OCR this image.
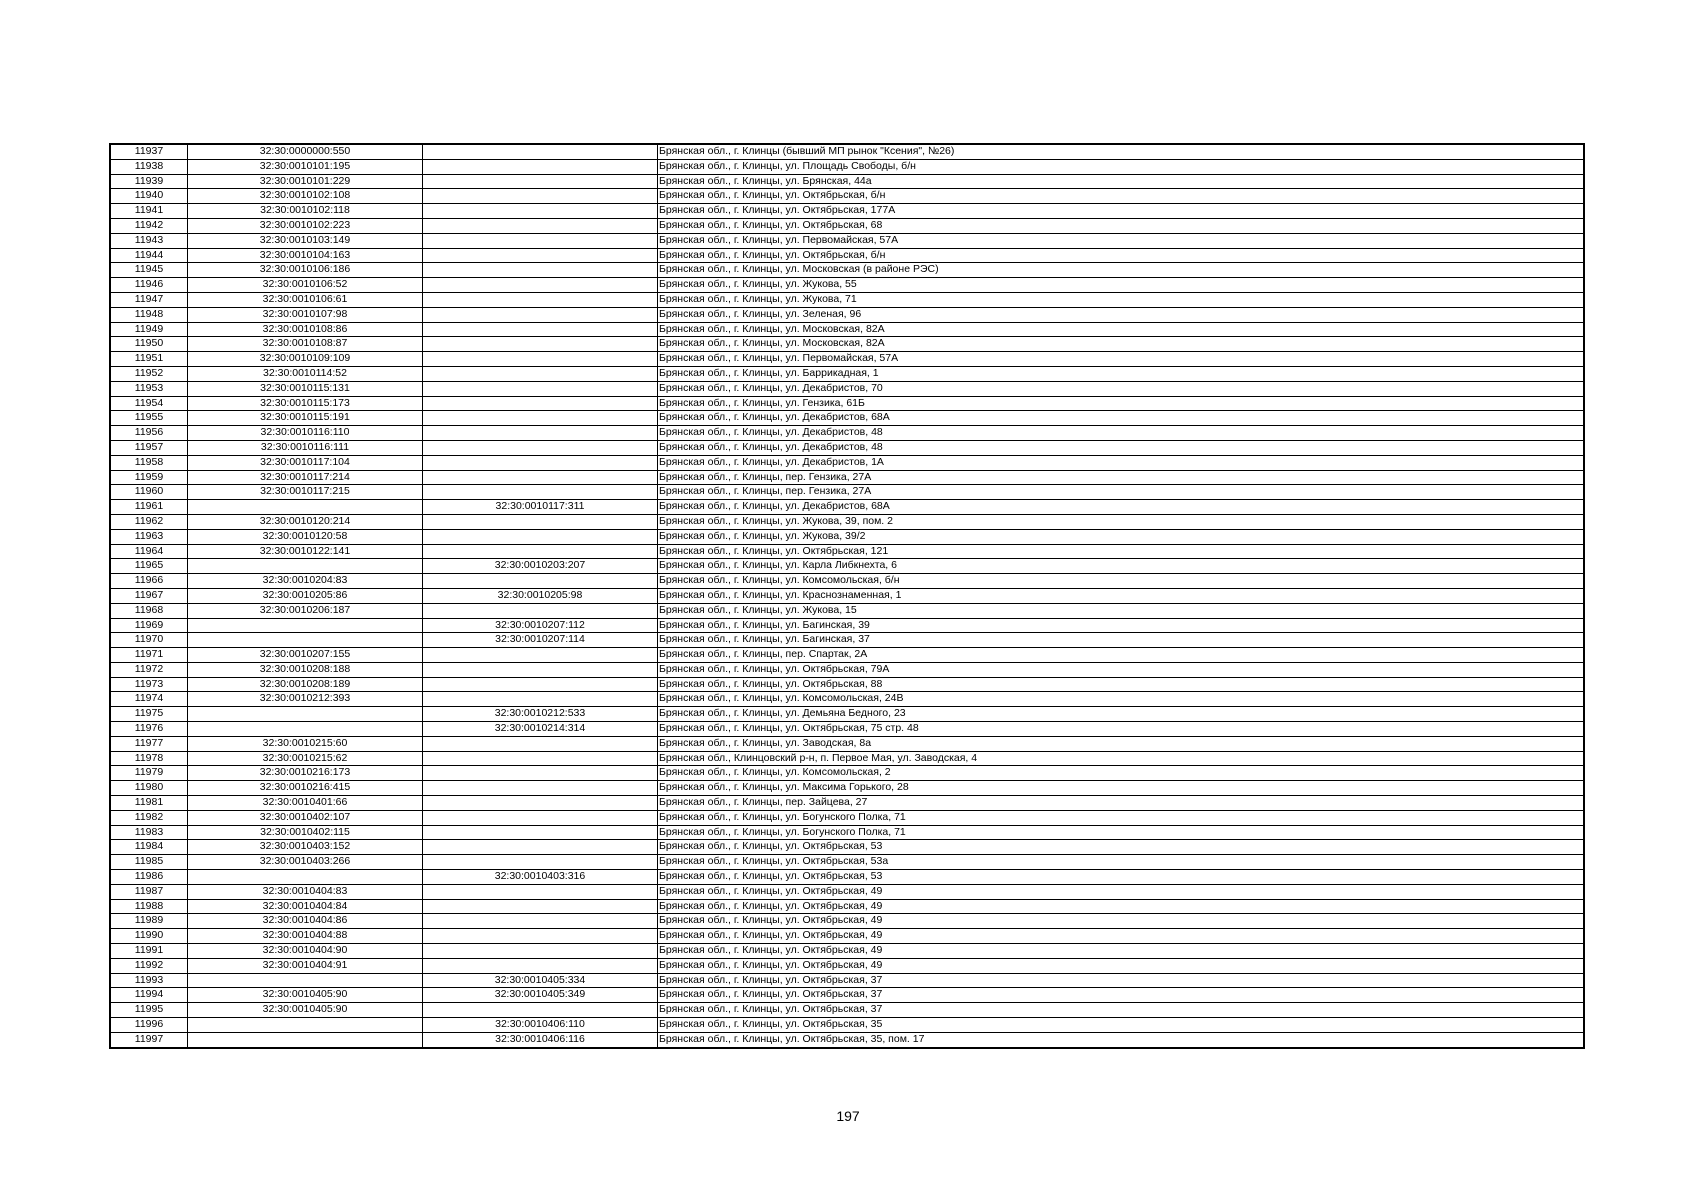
11937	32:30:0000000:550		Брянская обл., г. Клинцы (бывший МП рынок "Ксения", №26)
11938	32:30:0010101:195		Брянская обл., г. Клинцы, ул. Площадь Свободы, б/н
11939	32:30:0010101:229		Брянская обл., г. Клинцы, ул. Брянская, 44а
11940	32:30:0010102:108		Брянская обл., г. Клинцы, ул. Октябрьская, б/н
11941	32:30:0010102:118		Брянская обл., г. Клинцы, ул. Октябрьская, 177А
11942	32:30:0010102:223		Брянская обл., г. Клинцы, ул. Октябрьская, 68
11943	32:30:0010103:149		Брянская обл., г. Клинцы, ул. Первомайская, 57А
11944	32:30:0010104:163		Брянская обл., г. Клинцы, ул. Октябрьская, б/н
11945	32:30:0010106:186		Брянская обл., г. Клинцы, ул. Московская (в районе РЭС)
11946	32:30:0010106:52		Брянская обл., г. Клинцы, ул. Жукова, 55
11947	32:30:0010106:61		Брянская обл., г. Клинцы, ул. Жукова, 71
11948	32:30:0010107:98		Брянская обл., г. Клинцы, ул. Зеленая, 96
11949	32:30:0010108:86		Брянская обл., г. Клинцы, ул. Московская, 82А
11950	32:30:0010108:87		Брянская обл., г. Клинцы, ул. Московская, 82А
11951	32:30:0010109:109		Брянская обл., г. Клинцы, ул. Первомайская, 57А
11952	32:30:0010114:52		Брянская обл., г. Клинцы, ул. Баррикадная, 1
11953	32:30:0010115:131		Брянская обл., г. Клинцы, ул. Декабристов, 70
11954	32:30:0010115:173		Брянская обл., г. Клинцы, ул. Гензика, 61Б
11955	32:30:0010115:191		Брянская обл., г. Клинцы, ул. Декабристов, 68А
11956	32:30:0010116:110		Брянская обл., г. Клинцы, ул. Декабристов, 48
11957	32:30:0010116:111		Брянская обл., г. Клинцы, ул. Декабристов, 48
11958	32:30:0010117:104		Брянская обл., г. Клинцы, ул. Декабристов, 1А
11959	32:30:0010117:214		Брянская обл., г. Клинцы, пер. Гензика, 27А
11960	32:30:0010117:215		Брянская обл., г. Клинцы, пер. Гензика, 27А
11961		32:30:0010117:311	Брянская обл., г. Клинцы, ул. Декабристов, 68А
11962	32:30:0010120:214		Брянская обл., г. Клинцы, ул. Жукова, 39, пом. 2
11963	32:30:0010120:58		Брянская обл., г. Клинцы, ул. Жукова, 39/2
11964	32:30:0010122:141		Брянская обл., г. Клинцы, ул. Октябрьская, 121
11965		32:30:0010203:207	Брянская обл., г. Клинцы, ул. Карла Либкнехта, 6
11966	32:30:0010204:83		Брянская обл., г. Клинцы, ул. Комсомольская, б/н
11967	32:30:0010205:86	32:30:0010205:98	Брянская обл., г. Клинцы, ул. Краснознаменная, 1
11968	32:30:0010206:187		Брянская обл., г. Клинцы, ул. Жукова, 15
11969		32:30:0010207:112	Брянская обл., г. Клинцы, ул. Багинская, 39
11970		32:30:0010207:114	Брянская обл., г. Клинцы, ул. Багинская, 37
11971	32:30:0010207:155		Брянская обл., г. Клинцы, пер. Спартак, 2А
11972	32:30:0010208:188		Брянская обл., г. Клинцы, ул. Октябрьская, 79А
11973	32:30:0010208:189		Брянская обл., г. Клинцы, ул. Октябрьская, 88
11974	32:30:0010212:393		Брянская обл., г. Клинцы, ул. Комсомольская, 24В
11975		32:30:0010212:533	Брянская обл., г. Клинцы, ул. Демьяна Бедного, 23
11976		32:30:0010214:314	Брянская обл., г. Клинцы, ул. Октябрьская, 75 стр. 48
11977	32:30:0010215:60		Брянская обл., г. Клинцы, ул. Заводская, 8а
11978	32:30:0010215:62		Брянская обл., Клинцовский р-н, п. Первое Мая, ул. Заводская, 4
11979	32:30:0010216:173		Брянская обл., г. Клинцы, ул. Комсомольская, 2
11980	32:30:0010216:415		Брянская обл., г. Клинцы, ул. Максима Горького, 28
11981	32:30:0010401:66		Брянская обл., г. Клинцы, пер. Зайцева, 27
11982	32:30:0010402:107		Брянская обл., г. Клинцы, ул. Богунского Полка, 71
11983	32:30:0010402:115		Брянская обл., г. Клинцы, ул. Богунского Полка, 71
11984	32:30:0010403:152		Брянская обл., г. Клинцы, ул. Октябрьская, 53
11985	32:30:0010403:266		Брянская обл., г. Клинцы, ул. Октябрьская, 53а
11986		32:30:0010403:316	Брянская обл., г. Клинцы, ул. Октябрьская, 53
11987	32:30:0010404:83		Брянская обл., г. Клинцы, ул. Октябрьская, 49
11988	32:30:0010404:84		Брянская обл., г. Клинцы, ул. Октябрьская, 49
11989	32:30:0010404:86		Брянская обл., г. Клинцы, ул. Октябрьская, 49
11990	32:30:0010404:88		Брянская обл., г. Клинцы, ул. Октябрьская, 49
11991	32:30:0010404:90		Брянская обл., г. Клинцы, ул. Октябрьская, 49
11992	32:30:0010404:91		Брянская обл., г. Клинцы, ул. Октябрьская, 49
11993		32:30:0010405:334	Брянская обл., г. Клинцы, ул. Октябрьская, 37
11994	32:30:0010405:90	32:30:0010405:349	Брянская обл., г. Клинцы, ул. Октябрьская, 37
11995	32:30:0010405:90		Брянская обл., г. Клинцы, ул. Октябрьская, 37
11996		32:30:0010406:110	Брянская обл., г. Клинцы, ул. Октябрьская, 35
11997		32:30:0010406:116	Брянская обл., г. Клинцы, ул. Октябрьская, 35, пом. 17
197
